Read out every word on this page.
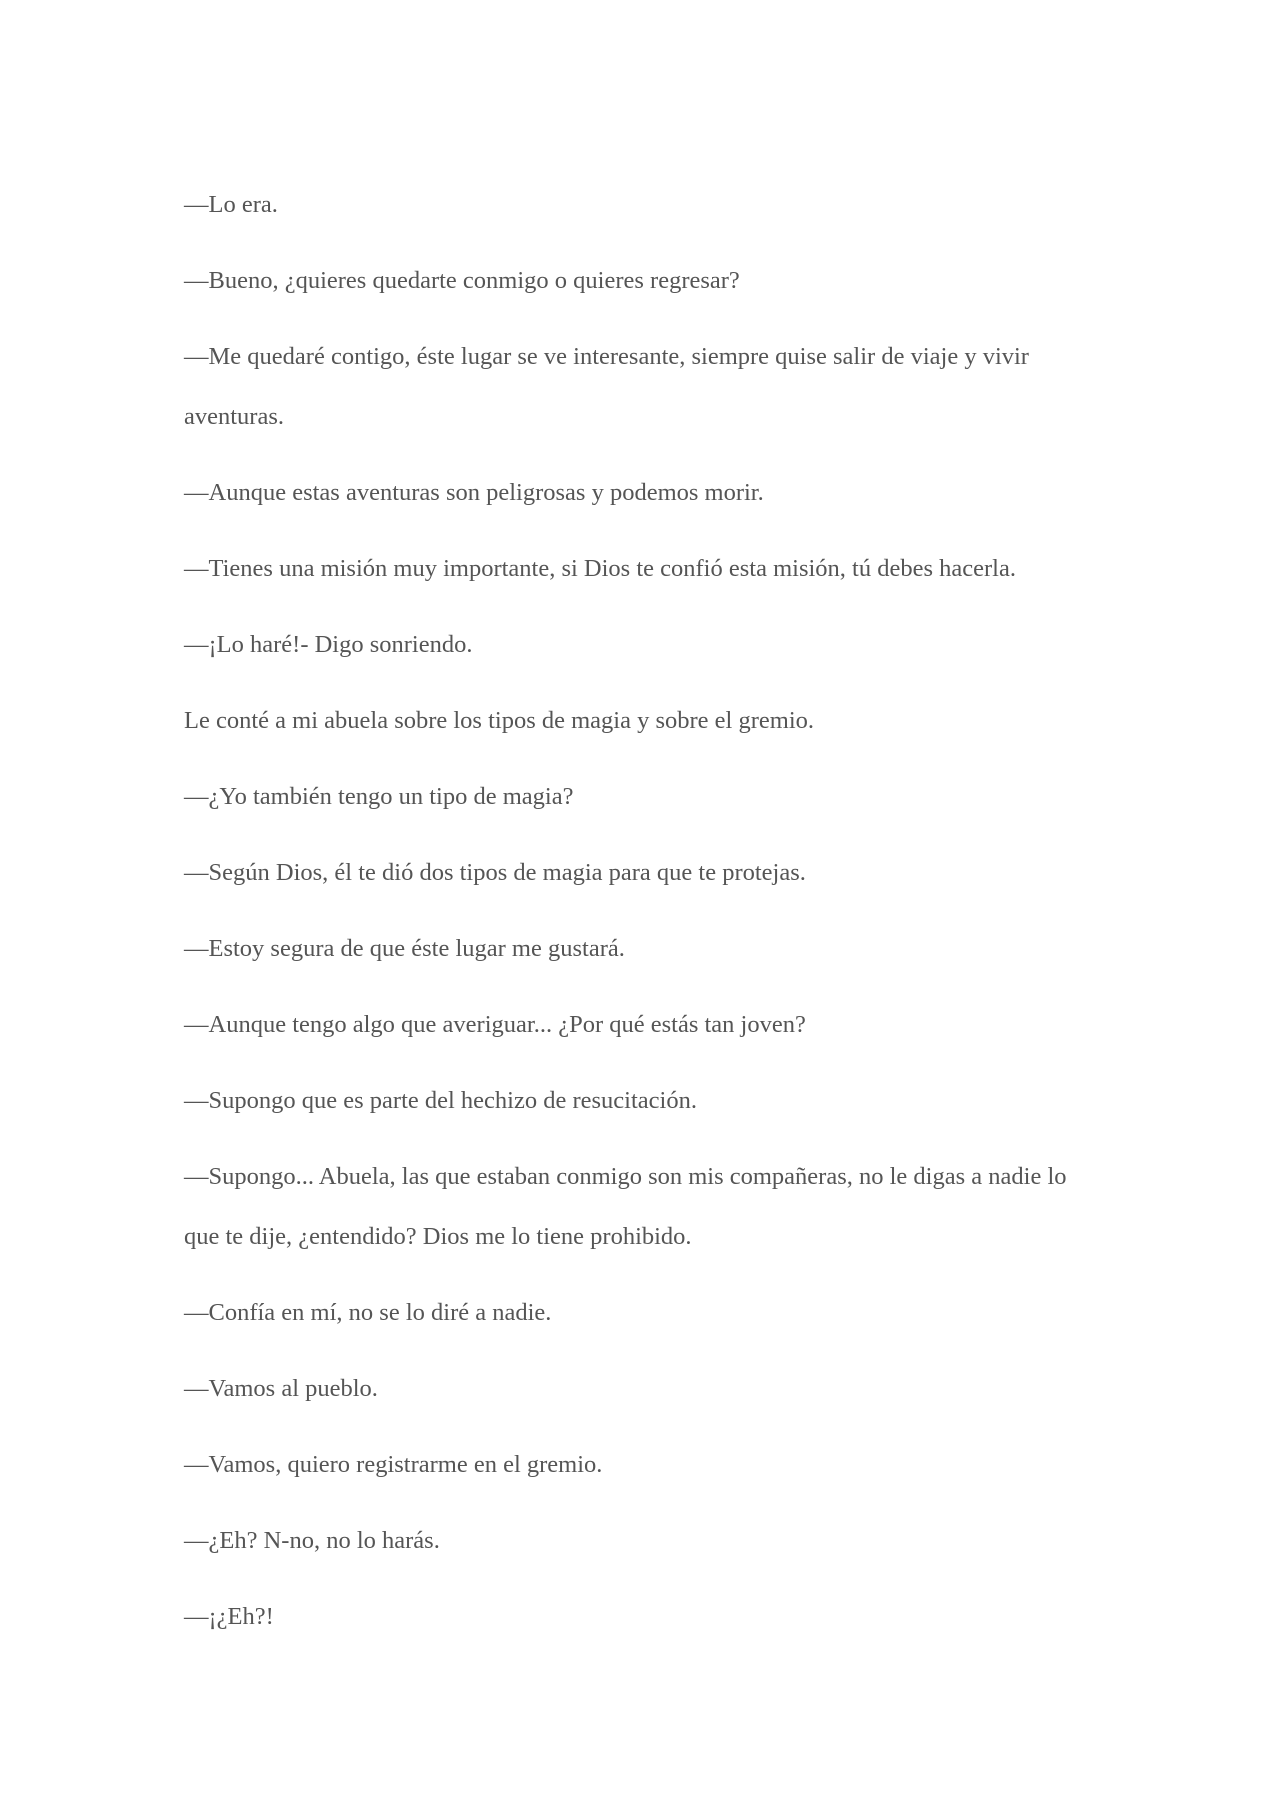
—Lo era.

—Bueno, ¿quieres quedarte conmigo o quieres regresar?

—Me quedaré contigo, éste lugar se ve interesante, siempre quise salir de viaje y vivir aventuras.

—Aunque estas aventuras son peligrosas y podemos morir.

—Tienes una misión muy importante, si Dios te confió esta misión, tú debes hacerla.

—¡Lo haré!- Digo sonriendo.

Le conté a mi abuela sobre los tipos de magia y sobre el gremio.

—¿Yo también tengo un tipo de magia?

—Según Dios, él te dió dos tipos de magia para que te protejas.

—Estoy segura de que éste lugar me gustará.

—Aunque tengo algo que averiguar... ¿Por qué estás tan joven?

—Supongo que es parte del hechizo de resucitación.

—Supongo... Abuela, las que estaban conmigo son mis compañeras, no le digas a nadie lo que te dije, ¿entendido? Dios me lo tiene prohibido.

—Confía en mí, no se lo diré a nadie.

—Vamos al pueblo.

—Vamos, quiero registrarme en el gremio.

—¿Eh? N-no, no lo harás.

—¡¿Eh?!
